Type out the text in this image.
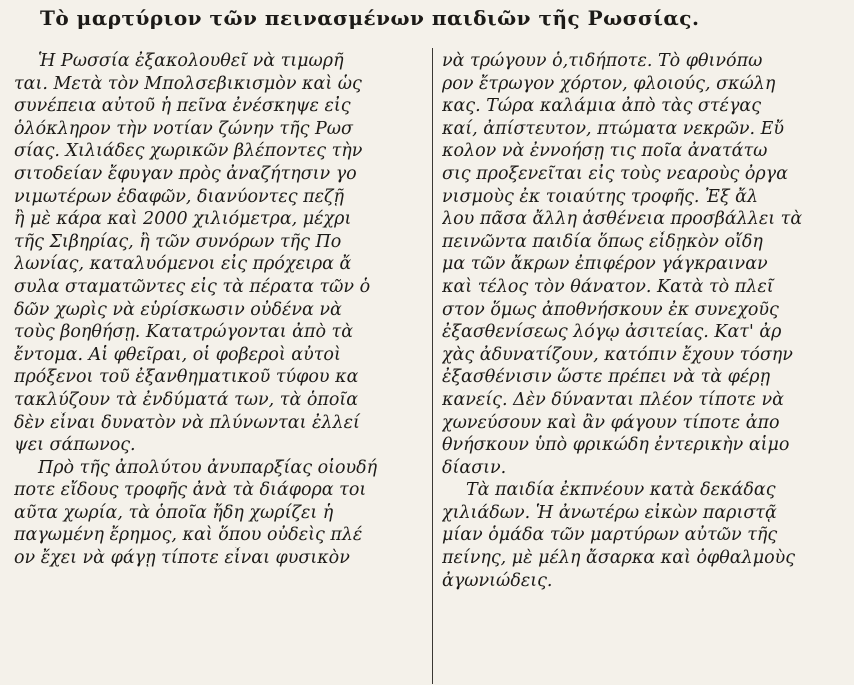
Τὸ μαρτύριον τῶν πεινασμένων παιδιῶν τῆς Ρωσσίας.
Ἡ Ρωσσία ἐξακολουθεῖ νὰ τιμωρῆ
ται. Μετὰ τὸν Μπολσεβικισμὸν καὶ ὡς
συνέπεια αὐτοῦ ἡ πεῖνα ἐνέσκηψε εἰς
ὁλόκληρον τὴν νοτίαν ζώνην τῆς Ρωσ
σίας. Χιλιάδες χωρικῶν βλέποντες τὴν
σιτοδείαν ἔφυγαν πρὸς ἀναζήτησιν γο
νιμωτέρων ἐδαφῶν, διανύοντες πεζῇ
ἢ μὲ κάρα καὶ 2000 χιλιόμετρα, μέχρι
τῆς Σιβηρίας, ἢ τῶν συνόρων τῆς Πο
λωνίας, καταλυόμενοι εἰς πρόχειρα ἄ
συλα σταματῶντες εἰς τὰ πέρατα τῶν ὁ
δῶν χωρὶς νὰ εὑρίσκωσιν οὐδένα νὰ
τοὺς βοηθήσῃ. Κατατρώγονται ἀπὸ τὰ
ἔντομα. Αἱ φθεῖραι, οἱ φοβεροὶ αὐτοὶ
πρόξενοι τοῦ ἐξανθηματικοῦ τύφου κα
τακλύζουν τὰ ἐνδύματά των, τὰ ὁποῖα
δὲν εἶναι δυνατὸν νὰ πλύνωνται ἐλλεί
ψει σάπωνος.
Πρὸ τῆς ἀπολύτου ἀνυπαρξίας οἱουδή
ποτε εἴδους τροφῆς ἀνὰ τὰ διάφορα τοι
αῦτα χωρία, τὰ ὁποῖα ἤδη χωρίζει ἡ
παγωμένη ἔρημος, καὶ ὅπου οὐδεὶς πλέ
ον ἔχει νὰ φάγῃ τίποτε εἶναι φυσικὸν
νὰ τρώγουν ὁ,τιδήποτε. Τὸ φθινόπω
ρον ἔτρωγον χόρτον, φλοιούς, σκώλη
κας. Τώρα καλάμια ἀπὸ τὰς στέγας
καί, ἀπίστευτον, πτώματα νεκρῶν. Εὔ
κολον νὰ ἐννοήσῃ τις ποῖα ἀνατάτω
σις προξενεῖται εἰς τοὺς νεαροὺς ὀργα
νισμοὺς ἐκ τοιαύτης τροφῆς. Ἐξ ἄλ
λου πᾶσα ἄλλη ἀσθένεια προσβάλλει τὰ
πεινῶντα παιδία ὅπως εἶδῃκὸν οἴδη
μα τῶν ἄκρων ἐπιφέρον γάγκραιναν
καὶ τέλος τὸν θάνατον. Κατὰ τὸ πλεῖ
στον ὅμως ἀποθνήσκουν ἐκ συνεχοῦς
ἐξασθενίσεως λόγῳ ἀσιτείας. Κατ' ἀρ
χὰς ἀδυνατίζουν, κατόπιν ἔχουν τόσην
ἐξασθένισιν ὥστε πρέπει νὰ τὰ φέρῃ
κανείς. Δὲν δύνανται πλέον τίποτε νὰ
χωνεύσουν καὶ ἂν φάγουν τίποτε ἀπο
θνήσκουν ὑπὸ φρικώδη ἐντερικὴν αἱμο
δίασιν.
Τὰ παιδία ἐκπνέουν κατὰ δεκάδας
χιλιάδων. Ἡ ἀνωτέρω εἰκὼν παριστᾷ
μίαν ὁμάδα τῶν μαρτύρων αὐτῶν τῆς
πείνης, μὲ μέλη ἄσαρκα καὶ ὀφθαλμοὺς
ἀγωνιώδεις.
